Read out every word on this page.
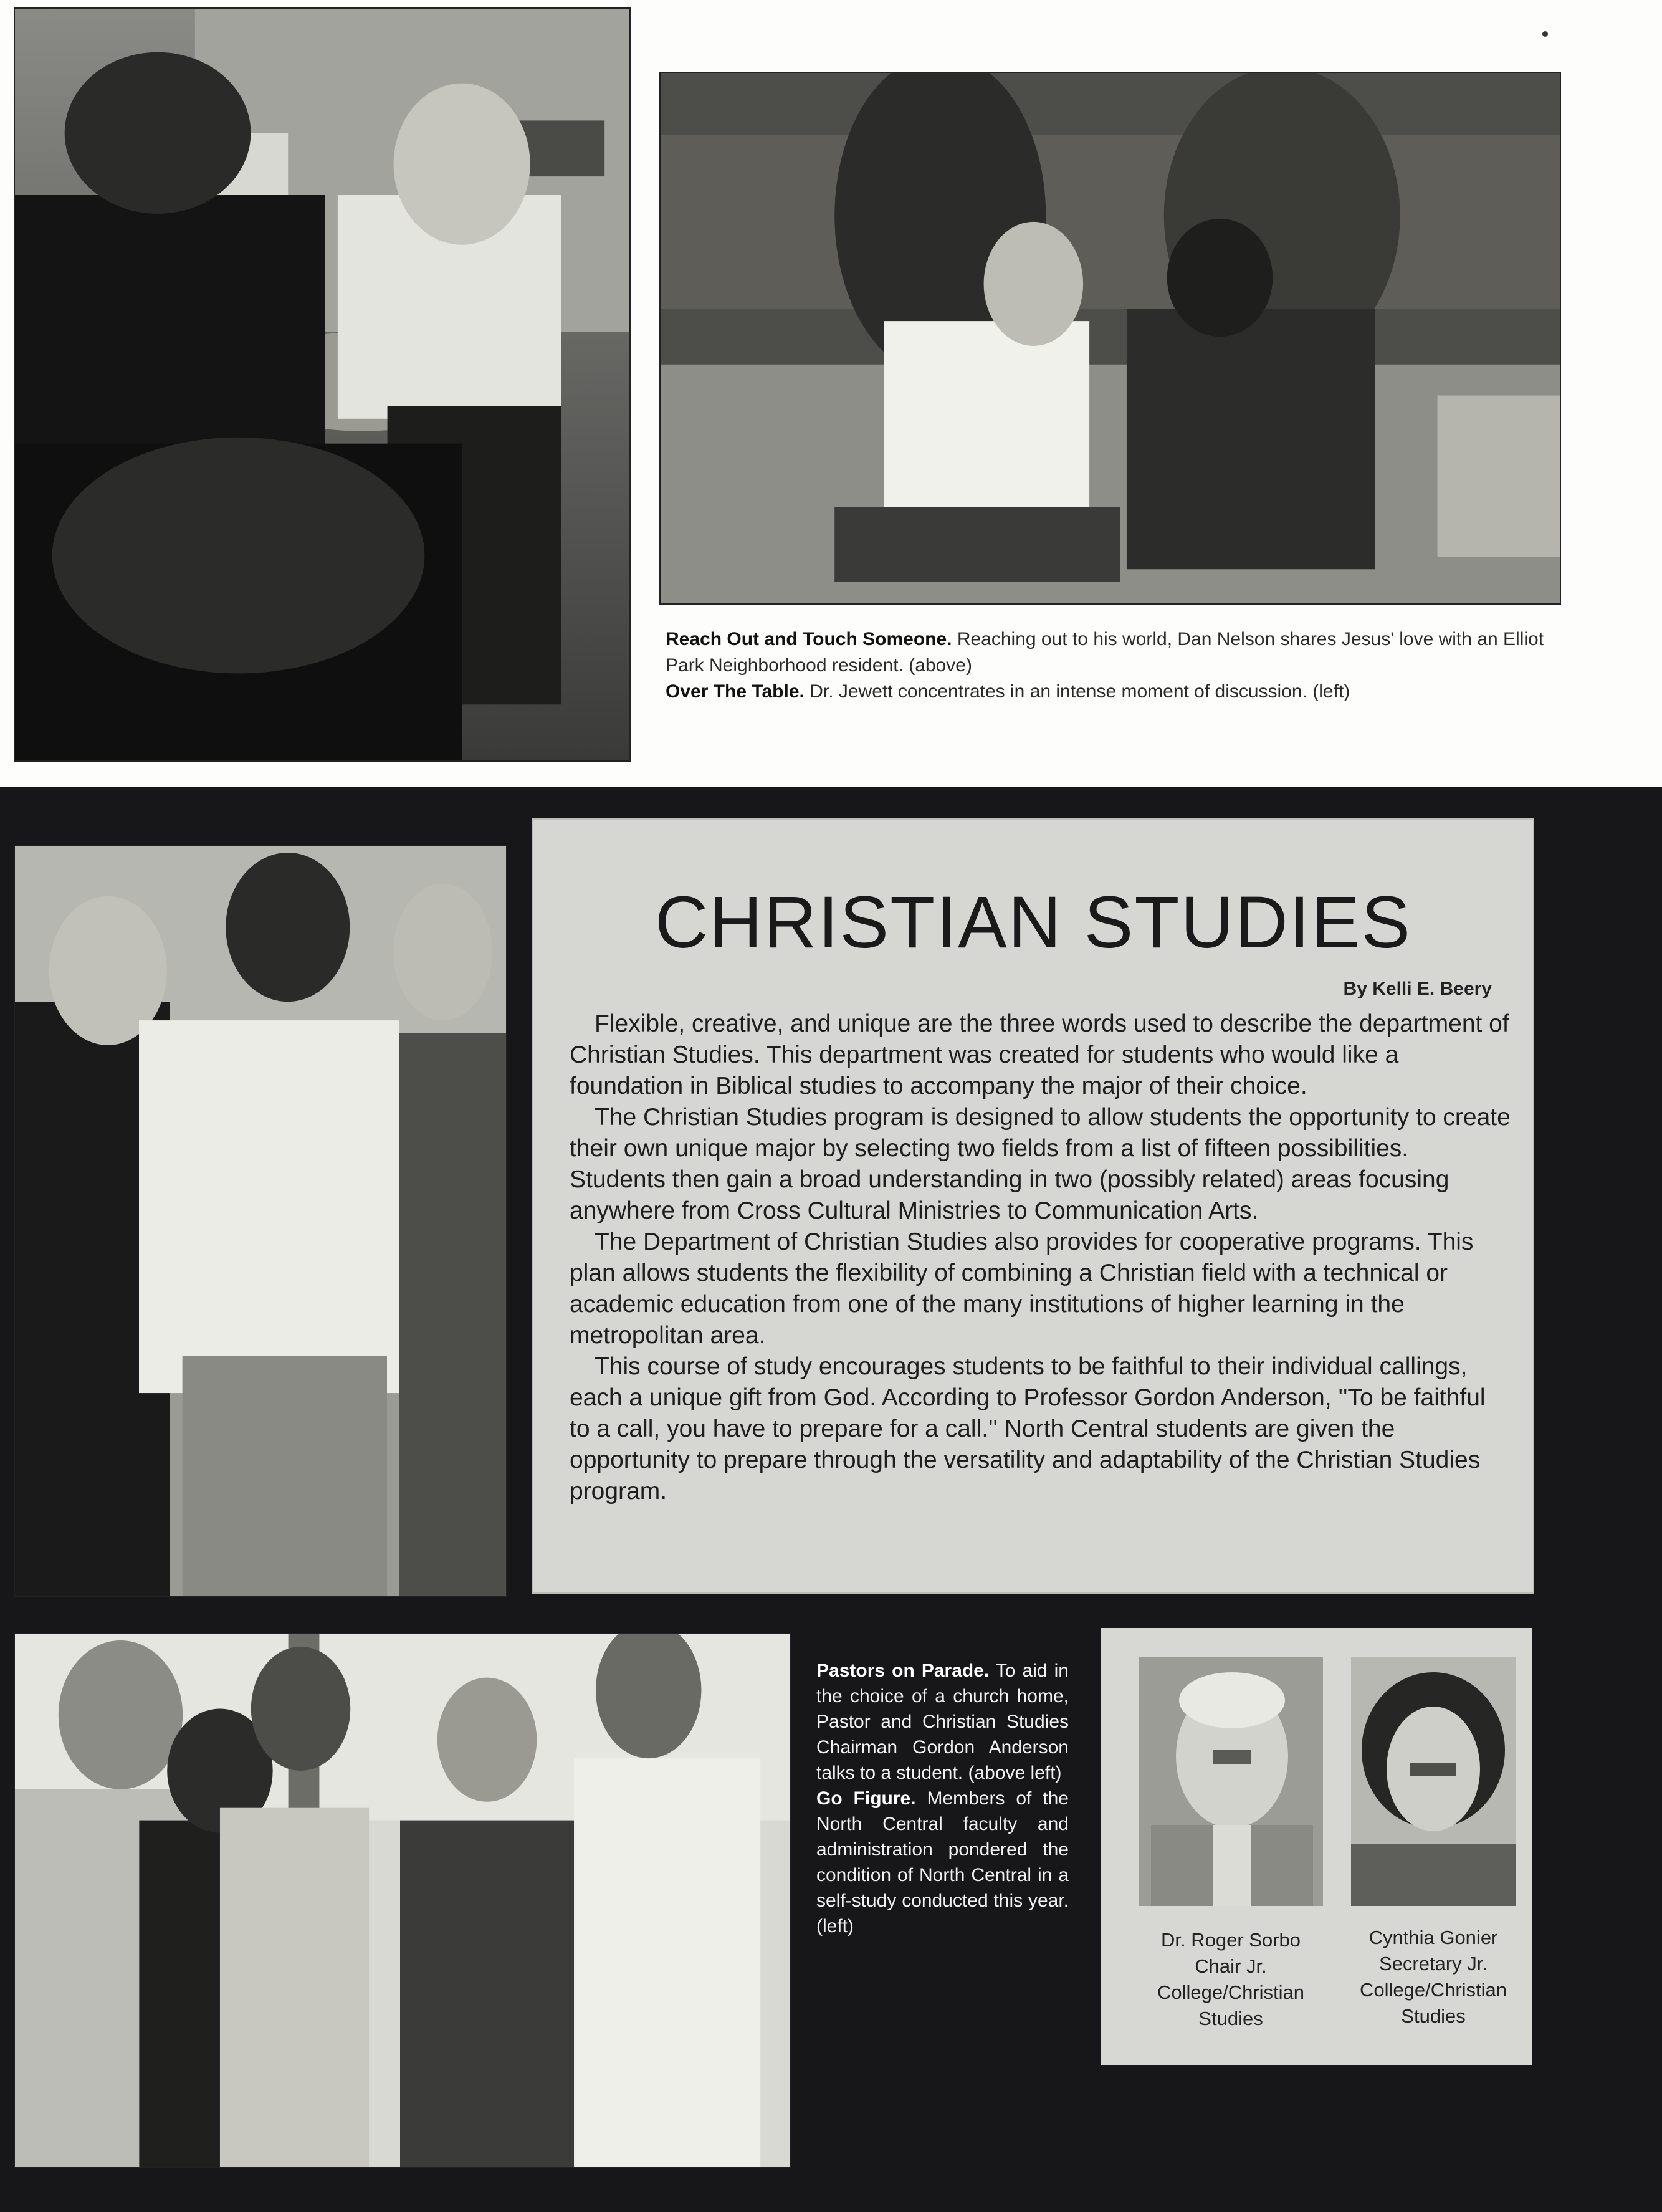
Reach Out and Touch Someone. Reaching out to his world, Dan Nelson shares Jesus' love with an Elliot Park Neighborhood resident. (above)

Over The Table. Dr. Jewett concentrates in an intense moment of discussion. (left)

CHRISTIAN STUDIES
By Kelli E. Beery

Flexible, creative, and unique are the three words used to describe the department of Christian Studies. This department was created for students who would like a foundation in Biblical studies to accompany the major of their choice.

The Christian Studies program is designed to allow students the opportunity to create their own unique major by selecting two fields from a list of fifteen possibilities. Students then gain a broad understanding in two (possibly related) areas focusing anywhere from Cross Cultural Ministries to Communication Arts.

The Department of Christian Studies also provides for cooperative programs. This plan allows students the flexibility of combining a Christian field with a technical or academic education from one of the many institutions of higher learning in the metropolitan area.

This course of study encourages students to be faithful to their individual callings, each a unique gift from God. According to Professor Gordon Anderson, ''To be faithful to a call, you have to prepare for a call.'' North Central students are given the opportunity to prepare through the versatility and adaptability of the Christian Studies program.

Pastors on Parade. To aid in the choice of a church home, Pastor and Christian Studies Chairman Gordon Anderson talks to a student. (above left)

Go Figure. Members of the North Central faculty and administration pondered the condition of North Central in a self-study conducted this year. (left)

Dr. Roger Sorbo
Chair Jr.
College/Christian
Studies
Cynthia Gonier
Secretary Jr.
College/Christian
Studies
